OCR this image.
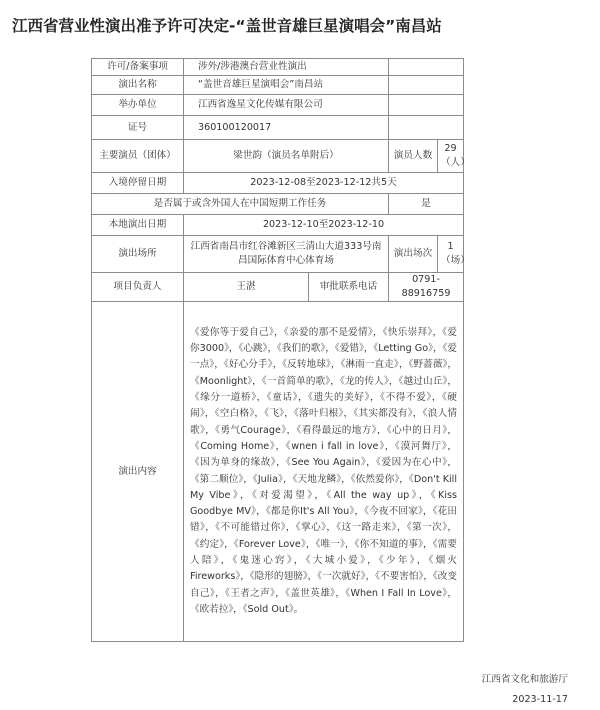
江西省营业性演出准予许可决定-“盖世音雄巨星演唱会”南昌站
许可/备案事项	涉外/涉港澳台营业性演出			
演出名称	“盖世音雄巨星演唱会”南昌站			
举办单位	江西省逸星文化传媒有限公司			
证号	360100120017			
主要演员（团体）	梁世韵（演员名单附后）		演员人数	29（人）
入境停留日期	2023-12-08至2023-12-12共5天			
是否属于或含外国人在中国短期工作任务			是	
本地演出日期	2023-12-10至2023-12-10			
演出场所	江西省南昌市红谷滩新区三清山大道333号南昌国际体育中心体育场		演出场次	1（场）
项目负责人	王湛	审批联系电话	0791-88916759	
演出内容	《爱你等于爱自己》，《亲爱的那不是爱情》，《快乐崇拜》，《爱你3000》，《心跳》，《我们的歌》，《爱错》，《Letting Go》，《爱一点》，《好心分手》，《反转地球》，《淋雨一直走》，《野蔷薇》，《Moonlight》，《一首简单的歌》，《龙的传人》，《越过山丘》，《缘分一道桥》，《童话》，《遗失的美好》，《不得不爱》，《硬闹》，《空白格》，《飞》，《落叶归根》，《其实都没有》，《浪人情歌》，《勇气Courage》，《看得最远的地方》，《心中的日月》，《Coming Home》，《wnen i fall in love》，《漠河舞厅》，《因为单身的缘故》，《See You Again》，《爱因为在心中》，《第二顺位》，《Julia》，《天地龙鳞》，《依然爱你》，《Don't Kill My Vibe》，《对爱渴望》，《All the way up》，《Kiss Goodbye MV》，《都是你It's All You》，《今夜不回家》，《花田错》，《不可能错过你》，《掌心》，《这一路走来》，《第一次》，《约定》，《Forever Love》，《唯一》，《你不知道的事》，《需要人陪》，《鬼迷心窍》，《大城小爱》，《少年》，《烟火 Fireworks》，《隐形的翅膀》，《一次就好》，《不要害怕》，《改变自己》，《王者之声》，《盖世英雄》，《When I Fall In Love》，《欧若拉》，《Sold Out》。			
江西省文化和旅游厅
2023-11-17
